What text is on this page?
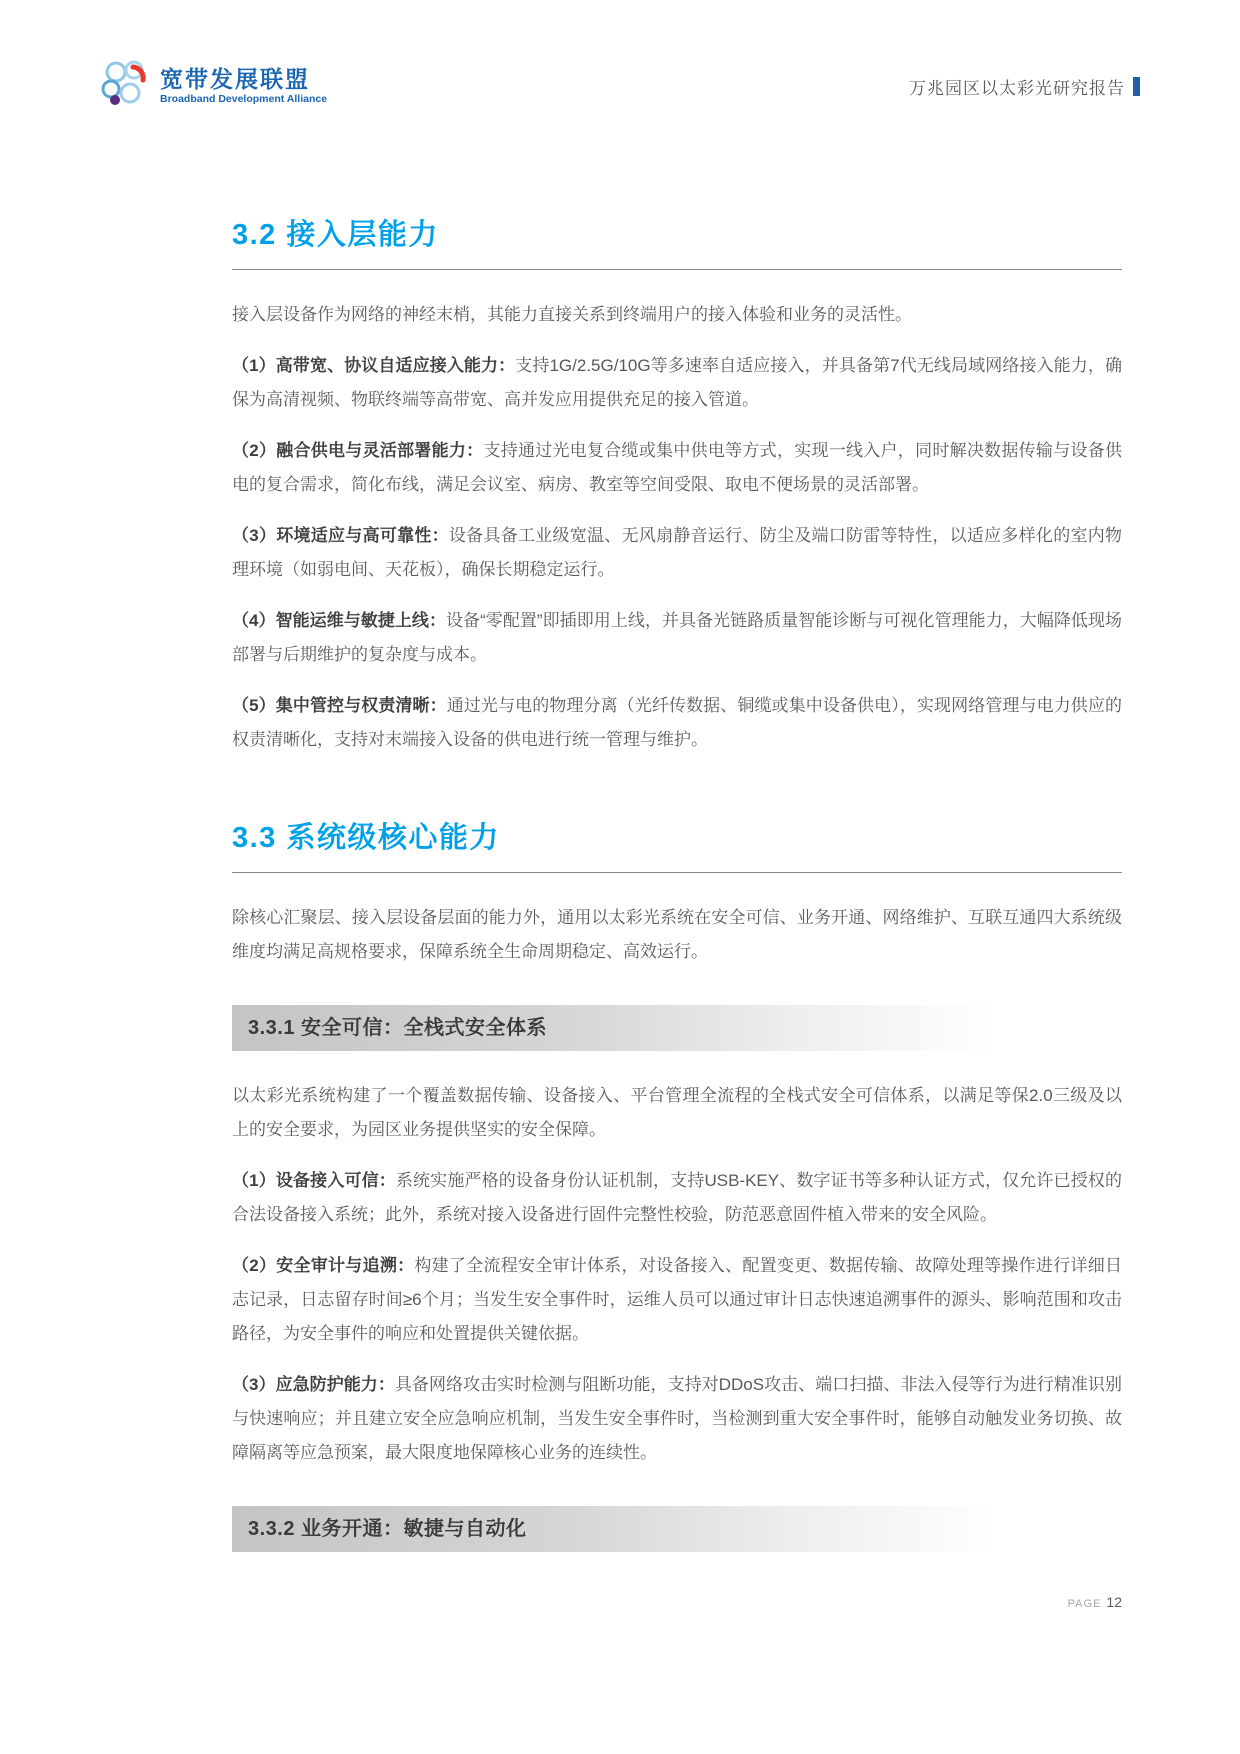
宽带发展联盟
Broadband Development Alliance
万兆园区以太彩光研究报告
3.2 接入层能力

接入层设备作为网络的神经末梢，其能力直接关系到终端用户的接入体验和业务的灵活性。

（1）高带宽、协议自适应接入能力：支持1G/2.5G/10G等多速率自适应接入，并具备第7代无线局域网络接入能力，确保为高清视频、物联终端等高带宽、高并发应用提供充足的接入管道。

（2）融合供电与灵活部署能力：支持通过光电复合缆或集中供电等方式，实现一线入户，同时解决数据传输与设备供电的复合需求，简化布线，满足会议室、病房、教室等空间受限、取电不便场景的灵活部署。

（3）环境适应与高可靠性：设备具备工业级宽温、无风扇静音运行、防尘及端口防雷等特性，以适应多样化的室内物理环境（如弱电间、天花板），确保长期稳定运行。

（4）智能运维与敏捷上线：设备“零配置”即插即用上线，并具备光链路质量智能诊断与可视化管理能力，大幅降低现场部署与后期维护的复杂度与成本。

（5）集中管控与权责清晰：通过光与电的物理分离（光纤传数据、铜缆或集中设备供电），实现网络管理与电力供应的权责清晰化，支持对末端接入设备的供电进行统一管理与维护。

3.3 系统级核心能力

除核心汇聚层、接入层设备层面的能力外，通用以太彩光系统在安全可信、业务开通、网络维护、互联互通四大系统级维度均满足高规格要求，保障系统全生命周期稳定、高效运行。

3.3.1 安全可信：全栈式安全体系

以太彩光系统构建了一个覆盖数据传输、设备接入、平台管理全流程的全栈式安全可信体系，以满足等保2.0三级及以上的安全要求，为园区业务提供坚实的安全保障。

（1）设备接入可信：系统实施严格的设备身份认证机制，支持USB-KEY、数字证书等多种认证方式，仅允许已授权的合法设备接入系统；此外，系统对接入设备进行固件完整性校验，防范恶意固件植入带来的安全风险。

（2）安全审计与追溯：构建了全流程安全审计体系，对设备接入、配置变更、数据传输、故障处理等操作进行详细日志记录，日志留存时间≥6个月；当发生安全事件时，运维人员可以通过审计日志快速追溯事件的源头、影响范围和攻击路径，为安全事件的响应和处置提供关键依据。

（3）应急防护能力：具备网络攻击实时检测与阻断功能，支持对DDoS攻击、端口扫描、非法入侵等行为进行精准识别与快速响应；并且建立安全应急响应机制，当发生安全事件时，当检测到重大安全事件时，能够自动触发业务切换、故障隔离等应急预案，最大限度地保障核心业务的连续性。

3.3.2 业务开通：敏捷与自动化
PAGE 12
